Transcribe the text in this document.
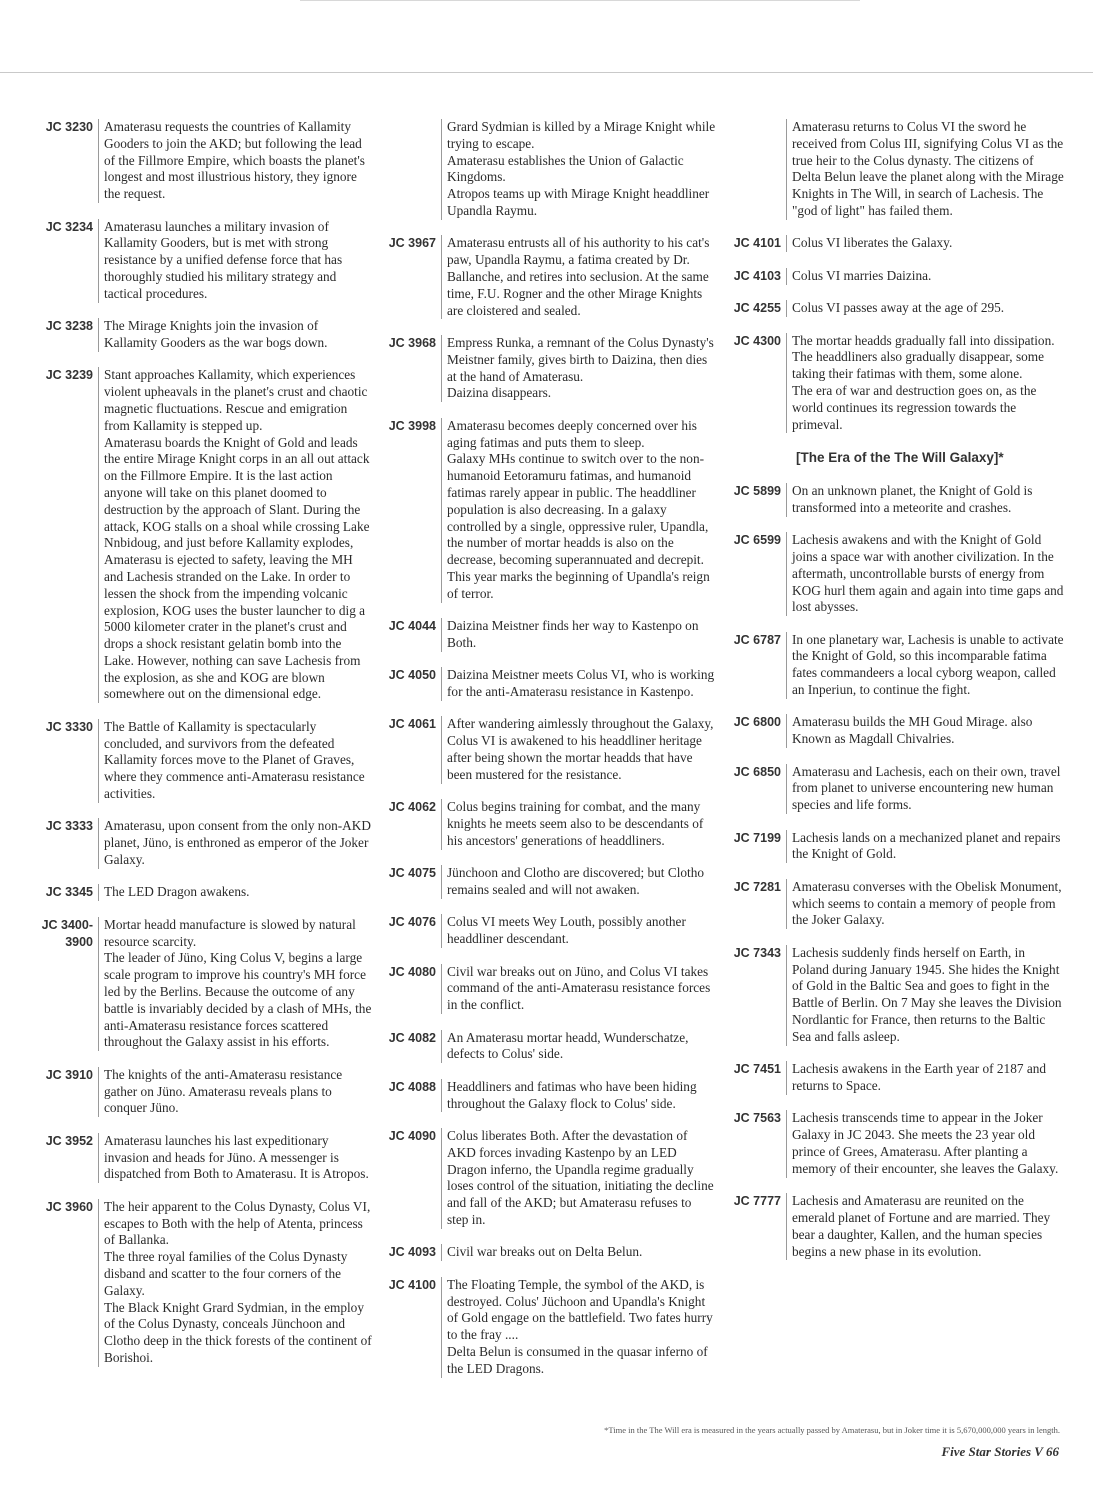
JC 3230 Amaterasu requests the countries of Kallamity Gooders to join the AKD; but following the lead of the Fillmore Empire, which boasts the planet's longest and most illustrious history, they ignore the request.
JC 3234 Amaterasu launches a military invasion of Kallamity Gooders, but is met with strong resistance by a unified defense force that has thoroughly studied his military strategy and tactical procedures.
JC 3238 The Mirage Knights join the invasion of Kallamity Gooders as the war bogs down.
JC 3239 Stant approaches Kallamity, which experiences violent upheavals in the planet's crust and chaotic magnetic fluctuations. Rescue and emigration from Kallamity is stepped up.
Amaterasu boards the Knight of Gold and leads the entire Mirage Knight corps in an all out attack on the Fillmore Empire. It is the last action anyone will take on this planet doomed to destruction by the approach of Slant. During the attack, KOG stalls on a shoal while crossing Lake Nnbidoug, and just before Kallamity explodes, Amaterasu is ejected to safety, leaving the MH and Lachesis stranded on the Lake. In order to lessen the shock from the impending volcanic explosion, KOG uses the buster launcher to dig a 5000 kilometer crater in the planet's crust and drops a shock resistant gelatin bomb into the Lake. However, nothing can save Lachesis from the explosion, as she and KOG are blown somewhere out on the dimensional edge.
JC 3330 The Battle of Kallamity is spectacularly concluded, and survivors from the defeated Kallamity forces move to the Planet of Graves, where they commence anti-Amaterasu resistance activities.
JC 3333 Amaterasu, upon consent from the only non-AKD planet, Jüno, is enthroned as emperor of the Joker Galaxy.
JC 3345 The LED Dragon awakens.
JC 3400-3900
Mortar headd manufacture is slowed by natural resource scarcity.
The leader of Jüno, King Colus V, begins a large scale program to improve his country's MH force led by the Berlins. Because the outcome of any battle is invariably decided by a clash of MHs, the anti-Amaterasu resistance forces scattered throughout the Galaxy assist in his efforts.
JC 3910 The knights of the anti-Amaterasu resistance gather on Jüno. Amaterasu reveals plans to conquer Jüno.
JC 3952 Amaterasu launches his last expeditionary invasion and heads for Jüno. A messenger is dispatched from Both to Amaterasu. It is Atropos.
JC 3960 The heir apparent to the Colus Dynasty, Colus VI, escapes to Both with the help of Atenta, princess of Ballanka.
The three royal families of the Colus Dynasty disband and scatter to the four corners of the Galaxy.
The Black Knight Grard Sydmian, in the employ of the Colus Dynasty, conceals Jünchoon and Clotho deep in the thick forests of the continent of Borishoi.
Grard Sydmian is killed by a Mirage Knight while trying to escape.
Amaterasu establishes the Union of Galactic Kingdoms.
Atropos teams up with Mirage Knight headdliner Upandla Raymu.
JC 3967 Amaterasu entrusts all of his authority to his cat's paw, Upandla Raymu, a fatima created by Dr. Ballanche, and retires into seclusion. At the same time, F.U. Rogner and the other Mirage Knights are cloistered and sealed.
JC 3968 Empress Runka, a remnant of the Colus Dynasty's Meistner family, gives birth to Daizina, then dies at the hand of Amaterasu.
Daizina disappears.
JC 3998 Amaterasu becomes deeply concerned over his aging fatimas and puts them to sleep.
Galaxy MHs continue to switch over to the non-humanoid Eetoramuru fatimas, and humanoid fatimas rarely appear in public. The headdliner population is also decreasing. In a galaxy controlled by a single, oppressive ruler, Upandla, the number of mortar headds is also on the decrease, becoming superannuated and decrepit.
This year marks the beginning of Upandla's reign of terror.
JC 4044 Daizina Meistner finds her way to Kastenpo on Both.
JC 4050 Daizina Meistner meets Colus VI, who is working for the anti-Amaterasu resistance in Kastenpo.
JC 4061 After wandering aimlessly throughout the Galaxy, Colus VI is awakened to his headdliner heritage after being shown the mortar headds that have been mustered for the resistance.
JC 4062 Colus begins training for combat, and the many knights he meets seem also to be descendants of his ancestors' generations of headdliners.
JC 4075 Jünchoon and Clotho are discovered; but Clotho remains sealed and will not awaken.
JC 4076 Colus VI meets Wey Louth, possibly another headdliner descendant.
JC 4080 Civil war breaks out on Jüno, and Colus VI takes command of the anti-Amaterasu resistance forces in the conflict.
JC 4082 An Amaterasu mortar headd, Wunderschatze, defects to Colus' side.
JC 4088 Headdliners and fatimas who have been hiding throughout the Galaxy flock to Colus' side.
JC 4090 Colus liberates Both. After the devastation of AKD forces invading Kastenpo by an LED Dragon inferno, the Upandla regime gradually loses control of the situation, initiating the decline and fall of the AKD; but Amaterasu refuses to step in.
JC 4093 Civil war breaks out on Delta Belun.
JC 4100 The Floating Temple, the symbol of the AKD, is destroyed. Colus' Jüchoon and Upandla's Knight of Gold engage on the battlefield. Two fates hurry to the fray ....
Delta Belun is consumed in the quasar inferno of the LED Dragons.
Amaterasu returns to Colus VI the sword he received from Colus III, signifying Colus VI as the true heir to the Colus dynasty. The citizens of Delta Belun leave the planet along with the Mirage Knights in The Will, in search of Lachesis. The "god of light" has failed them.
JC 4101 Colus VI liberates the Galaxy.
JC 4103 Colus VI marries Daizina.
JC 4255 Colus VI passes away at the age of 295.
JC 4300 The mortar headds gradually fall into dissipation. The headdliners also gradually disappear, some taking their fatimas with them, some alone.
The era of war and destruction goes on, as the world continues its regression towards the primeval.
[The Era of the The Will Galaxy]*
JC 5899 On an unknown planet, the Knight of Gold is transformed into a meteorite and crashes.
JC 6599 Lachesis awakens and with the Knight of Gold joins a space war with another civilization. In the aftermath, uncontrollable bursts of energy from KOG hurl them again and again into time gaps and lost abysses.
JC 6787 In one planetary war, Lachesis is unable to activate the Knight of Gold, so this incomparable fatima fates commandeers a local cyborg weapon, called an Inperiun, to continue the fight.
JC 6800 Amaterasu builds the MH Goud Mirage. also Known as Magdall Chivalries.
JC 6850 Amaterasu and Lachesis, each on their own, travel from planet to universe encountering new human species and life forms.
JC 7199 Lachesis lands on a mechanized planet and repairs the Knight of Gold.
JC 7281 Amaterasu converses with the Obelisk Monument, which seems to contain a memory of people from the Joker Galaxy.
JC 7343 Lachesis suddenly finds herself on Earth, in Poland during January 1945. She hides the Knight of Gold in the Baltic Sea and goes to fight in the Battle of Berlin. On 7 May she leaves the Division Nordlantic for France, then returns to the Baltic Sea and falls asleep.
JC 7451 Lachesis awakens in the Earth year of 2187 and returns to Space.
JC 7563 Lachesis transcends time to appear in the Joker Galaxy in JC 2043. She meets the 23 year old prince of Grees, Amaterasu. After planting a memory of their encounter, she leaves the Galaxy.
JC 7777 Lachesis and Amaterasu are reunited on the emerald planet of Fortune and are married. They bear a daughter, Kallen, and the human species begins a new phase in its evolution.
*Time in the The Will era is measured in the years actually passed by Amaterasu, but in Joker time it is 5,670,000,000 years in length.
Five Star Stories V 66
